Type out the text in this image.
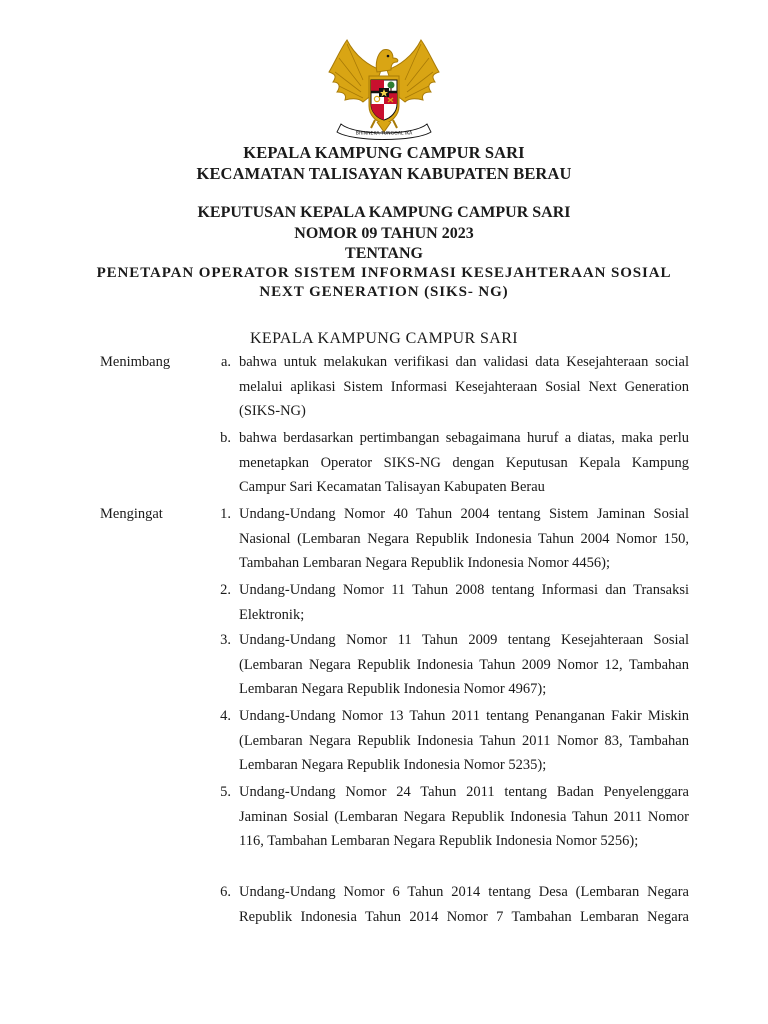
BHINNEKA TUNGGAL IKA
KEPALA KAMPUNG CAMPUR SARI
KECAMATAN TALISAYAN KABUPATEN BERAU
KEPUTUSAN KEPALA KAMPUNG CAMPUR SARI
NOMOR 09 TAHUN 2023
TENTANG
PENETAPAN OPERATOR SISTEM INFORMASI KESEJAHTERAAN SOSIAL
NEXT GENERATION (SIKS- NG)
KEPALA KAMPUNG CAMPUR SARI
Menimbang	a. bahwa untuk melakukan verifikasi dan validasi data Kesejahteraan social melalui aplikasi Sistem Informasi Kesejahteraan Sosial Next Generation (SIKS-NG)
b. bahwa berdasarkan pertimbangan sebagaimana huruf a diatas, maka perlu menetapkan Operator SIKS-NG dengan Keputusan Kepala Kampung Campur Sari Kecamatan Talisayan Kabupaten Berau
Mengingat	1. Undang-Undang Nomor 40 Tahun 2004 tentang Sistem Jaminan Sosial Nasional (Lembaran Negara Republik Indonesia Tahun 2004 Nomor 150, Tambahan Lembaran Negara Republik Indonesia Nomor 4456);
2. Undang-Undang Nomor 11 Tahun 2008 tentang Informasi dan Transaksi Elektronik;
3. Undang-Undang Nomor 11 Tahun 2009 tentang Kesejahteraan Sosial (Lembaran Negara Republik Indonesia Tahun 2009 Nomor 12, Tambahan Lembaran Negara Republik Indonesia Nomor 4967);
4. Undang-Undang Nomor 13 Tahun 2011 tentang Penanganan Fakir Miskin (Lembaran Negara Republik Indonesia Tahun 2011 Nomor 83, Tambahan Lembaran Negara Republik Indonesia Nomor 5235);
5. Undang-Undang Nomor 24 Tahun 2011 tentang Badan Penyelenggara Jaminan Sosial (Lembaran Negara Republik Indonesia Tahun 2011 Nomor 116, Tambahan Lembaran Negara Republik Indonesia Nomor 5256);
6. Undang-Undang Nomor 6 Tahun 2014 tentang Desa (Lembaran Negara Republik Indonesia Tahun 2014 Nomor 7 Tambahan Lembaran Negara
